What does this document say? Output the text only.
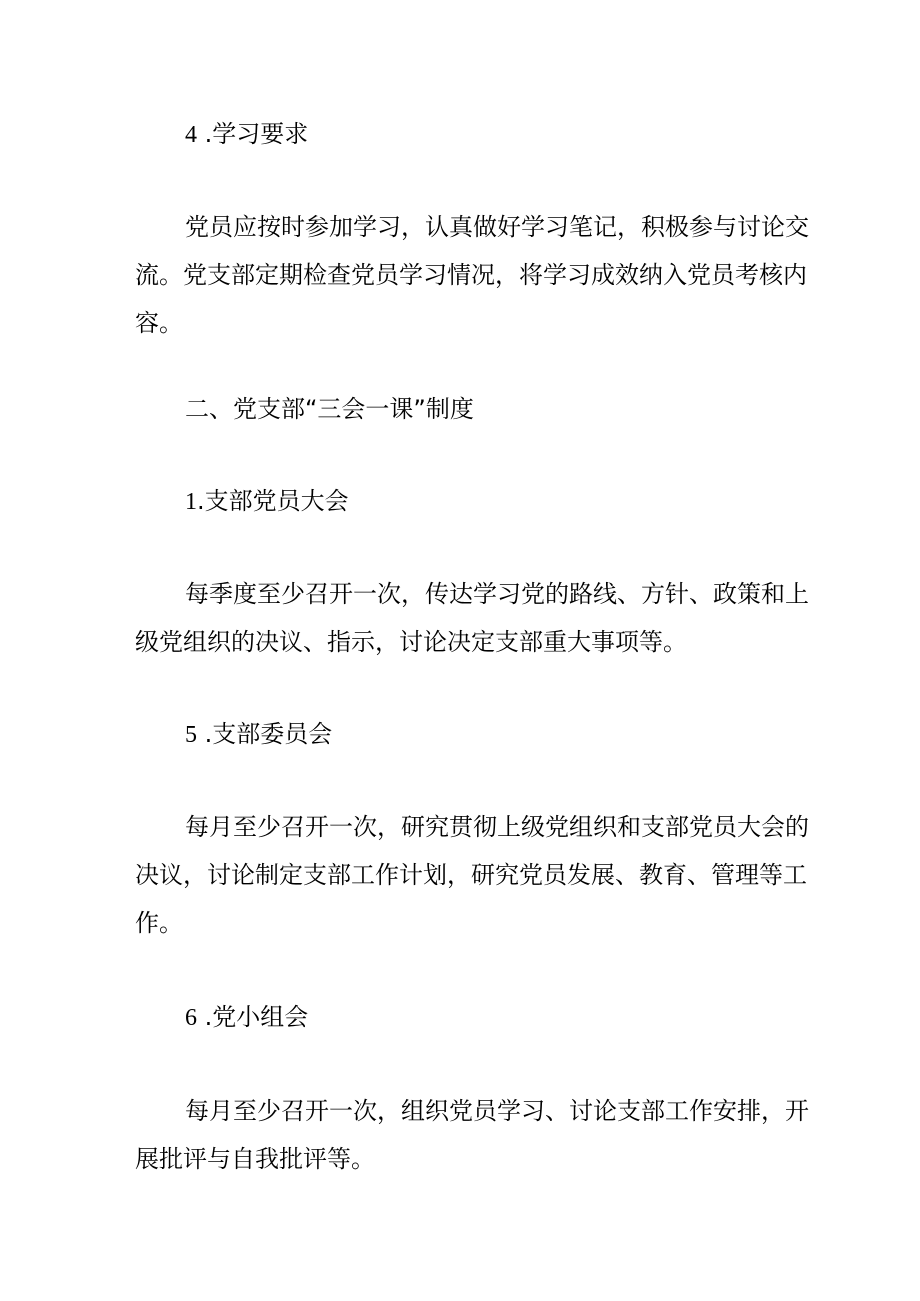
4 .学习要求
党员应按时参加学习，认真做好学习笔记，积极参与讨论交
流。党支部定期检查党员学习情况，将学习成效纳入党员考核内
容。
二、党支部“三会一课”制度
1.支部党员大会
每季度至少召开一次，传达学习党的路线、方针、政策和上
级党组织的决议、指示，讨论决定支部重大事项等。
5 .支部委员会
每月至少召开一次，研究贯彻上级党组织和支部党员大会的
决议，讨论制定支部工作计划，研究党员发展、教育、管理等工
作。
6 .党小组会
每月至少召开一次，组织党员学习、讨论支部工作安排，开
展批评与自我批评等。
